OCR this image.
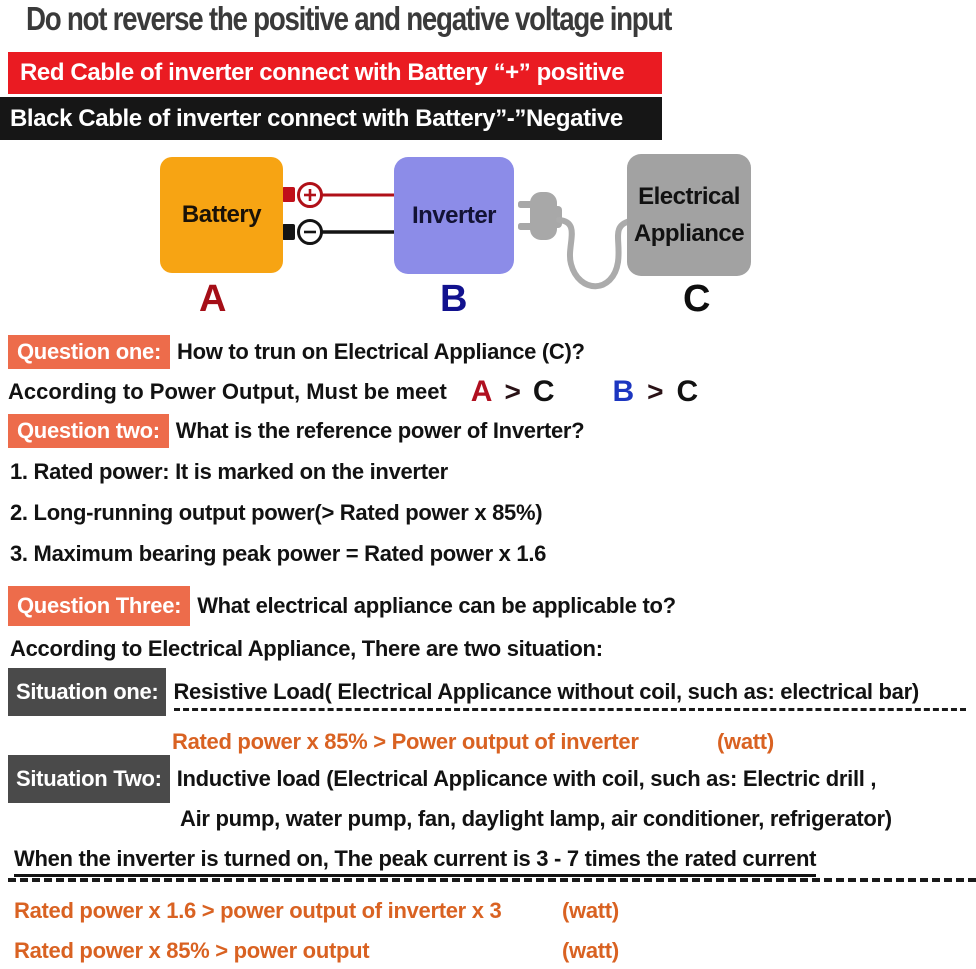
Do not reverse the positive and negative voltage input
Red Cable of inverter connect with Battery “+” positive
Black Cable of inverter connect with Battery”-”Negative
Battery	Inverter
Electrical
Appliance
A	B	C
Question one: How to trun on Electrical Appliance (C)?
According to Power Output, Must be meet A > C B > C
Question two: What is the reference power of Inverter?
1. Rated power: It is marked on the inverter
2. Long-running output power(> Rated power x 85%)
3. Maximum bearing peak power = Rated power x 1.6
Question Three: What electrical appliance can be applicable to?
According to Electrical Appliance, There are two situation:
Situation one: Resistive Load( Electrical Applicance without coil, such as: electrical bar)
Rated power x 85% > Power output of inverter	(watt)
Situation Two: Inductive load (Electrical Applicance with coil, such as: Electric drill ,
Air pump, water pump, fan, daylight lamp, air conditioner, refrigerator)
When the inverter is turned on, The peak current is 3 - 7 times the rated current
Rated power x 1.6 > power output of inverter x 3	(watt)
Rated power x 85% > power output	(watt)
